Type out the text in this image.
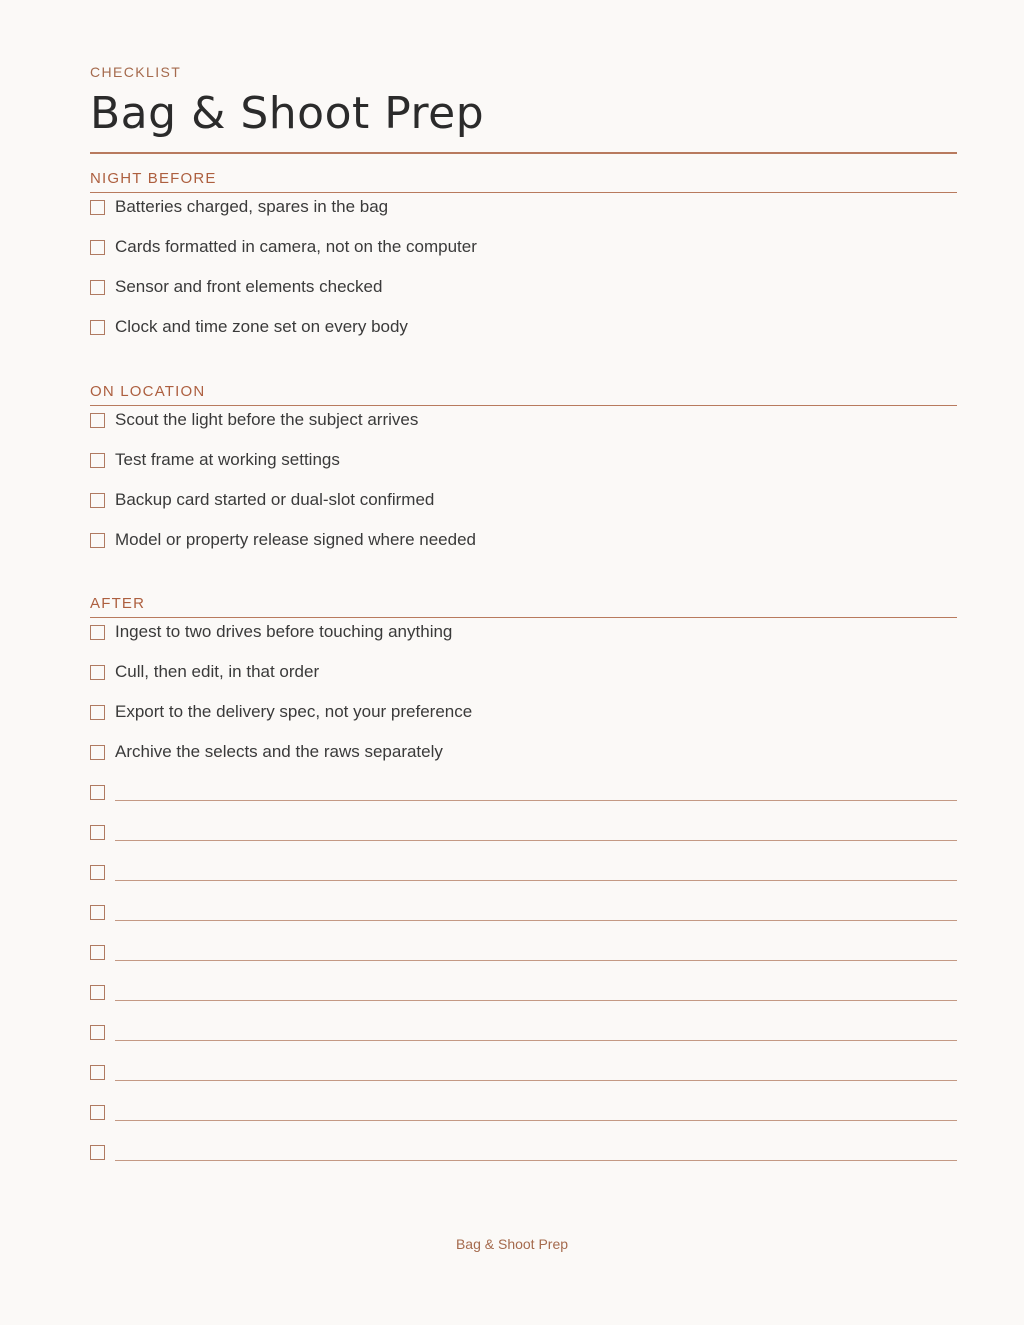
CHECKLIST

Bag & Shoot Prep
NIGHT BEFORE
Batteries charged, spares in the bag
Cards formatted in camera, not on the computer
Sensor and front elements checked
Clock and time zone set on every body
ON LOCATION
Scout the light before the subject arrives
Test frame at working settings
Backup card started or dual-slot confirmed
Model or property release signed where needed
AFTER
Ingest to two drives before touching anything
Cull, then edit, in that order
Export to the delivery spec, not your preference
Archive the selects and the raws separately
Bag & Shoot Prep
